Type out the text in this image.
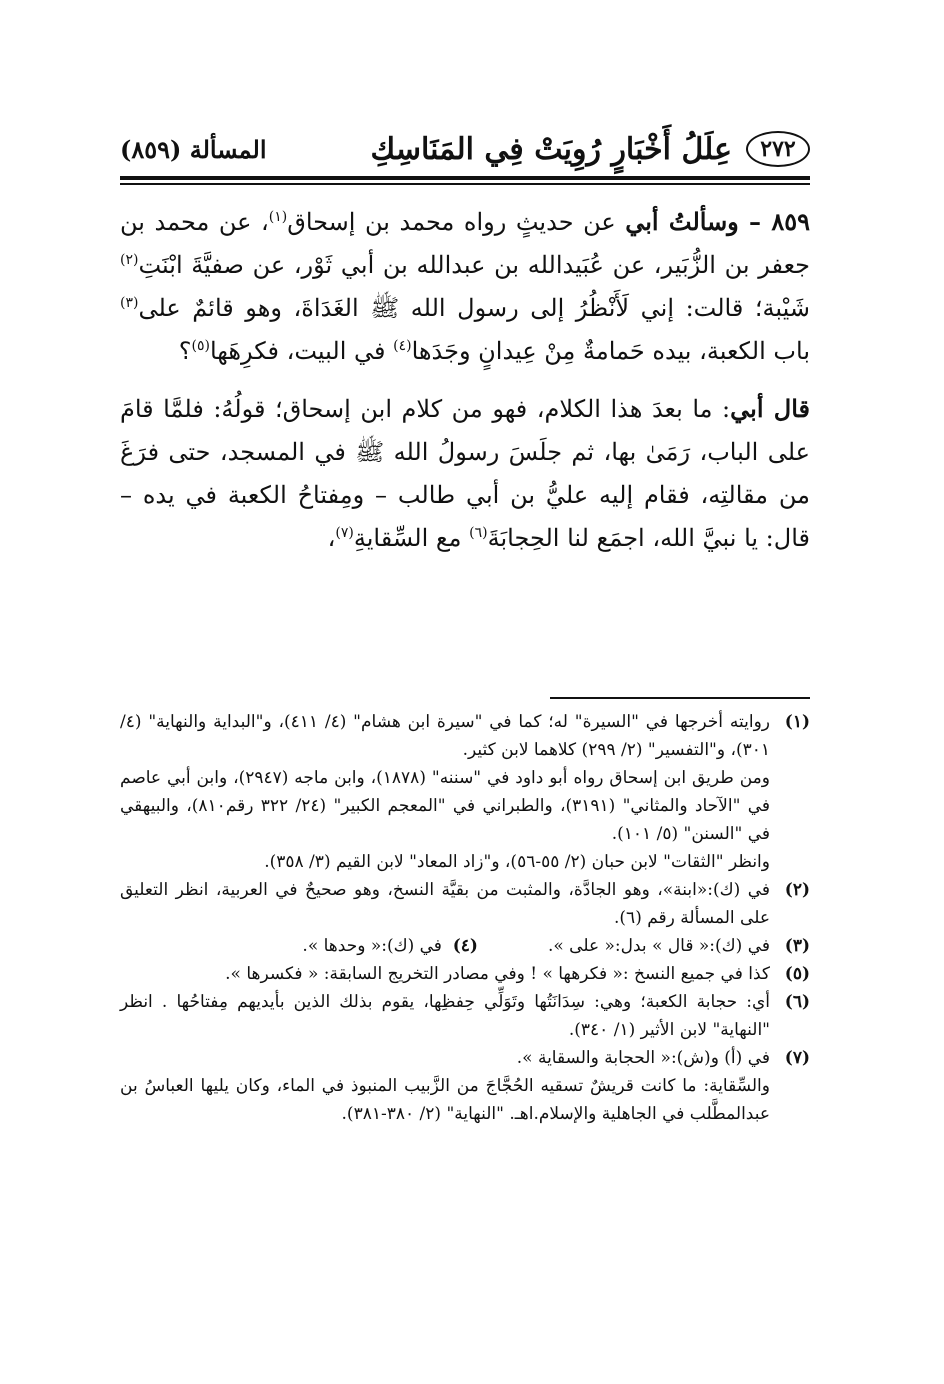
٢٧٢
عِلَلُ أَخْبَارٍ رُوِيَتْ فِي المَنَاسِكِ
المسألة (٨٥٩)

٨٥٩ – وسألتُ أبي عن حديثٍ رواه محمد بن إسحاق$^{(١)}$، عن محمد بن جعفر بن الزُّبَير، عن عُبَيدالله بن عبدالله بن أبي ثَوْر، عن صفيَّةَ ابْنَتِ$^{(٢)}$ شَيْبة؛ قالت: إني لَأَنْظُرُ إلى رسول الله ﷺ الغَدَاةَ، وهو قائمٌ على$^{(٣)}$ باب الكعبة، بيده حَمامةٌ مِنْ عِيدانٍ وجَدَها$^{(٤)}$ في البيت، فكرِهَها$^{(٥)}$؟

قال أبي: ما بعدَ هذا الكلام، فهو من كلام ابن إسحاق؛ قولُهُ: فلمَّا قامَ على الباب، رَمَىٰ بها، ثم جلَسَ رسولُ الله ﷺ في المسجد، حتى فرَغَ من مقالتِه، فقام إليه عليُّ بن أبي طالب – ومِفتاحُ الكعبة في يده – قال: يا نبيَّ الله، اجمَع لنا الحِجابَةَ$^{(٦)}$ مع السِّقايةِ$^{(٧)}$،

(١)
روايته أخرجها في "السيرة" له؛ كما في "سيرة ابن هشام" (٤/ ٤١١)، و"البداية والنهاية" (٤/ ٣٠١)، و"التفسير" (٢/ ٢٩٩) كلاهما لابن كثير.
ومن طريق ابن إسحاق رواه أبو داود في "سننه" (١٨٧٨)، وابن ماجه (٢٩٤٧)، وابن أبي عاصم في "الآحاد والمثاني" (٣١٩١)، والطبراني في "المعجم الكبير" (٢٤/ ٣٢٢ رقم٨١٠)، والبيهقي في "السنن" (٥/ ١٠١).
وانظر "الثقات" لابن حبان (٢/ ٥٥-٥٦)، و"زاد المعاد" لابن القيم (٣/ ٣٥٨).
(٢)
في (ك):«ابنة»، وهو الجادَّة، والمثبت من بقيَّة النسخ، وهو صحيحٌ في العربية، انظر التعليق على المسألة رقم (٦).
(٣)
في (ك):« قال » بدل:« على ».
(٤)
في (ك):« وحدها ».
(٥)
كذا في جميع النسخ :« فكرهها » ! وفي مصادر التخريج السابقة: « فكسرها ».
(٦)
أي: حجابة الكعبة؛ وهي: سِدَانَتُها وتَوَلِّي حِفظِها، يقوم بذلك الذين بأيديهم مِفتاحُها . انظر "النهاية" لابن الأثير (١/ ٣٤٠).
(٧)
في (أ) و(ش):« الحجابة والسقاية ».
والسِّقاية: ما كانت قريشٌ تسقيه الحُجَّاجَ من الزَّبيب المنبوذ في الماء، وكان يليها العباسُ بن عبدالمطَّلب في الجاهلية والإسلام.اهـ. "النهاية" (٢/ ٣٨٠-٣٨١).
